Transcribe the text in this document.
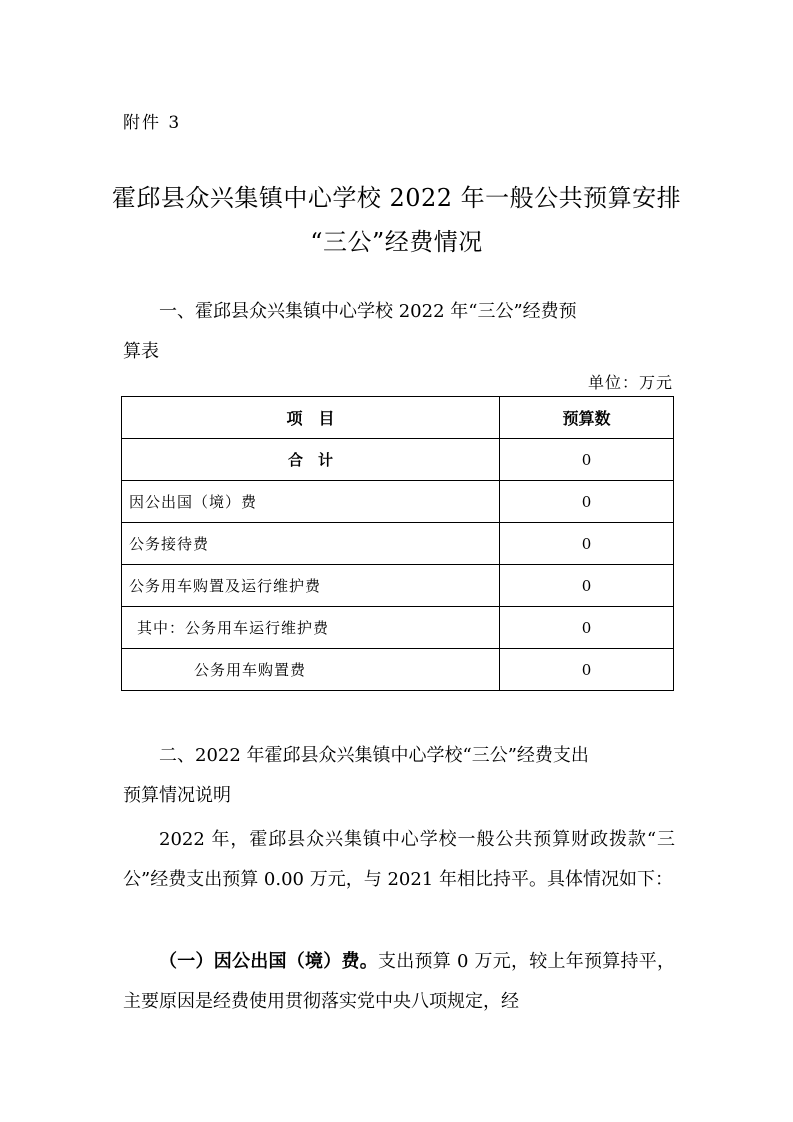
附件 3
霍邱县众兴集镇中心学校 2022 年一般公共预算安排
“三公”经费情况
一、霍邱县众兴集镇中心学校 2022 年“三公”经费预
算表
单位：万元
项　目	预算数
合　计	0
因公出国（境）费	0
公务接待费	0
公务用车购置及运行维护费	0
其中：公务用车运行维护费	0
公务用车购置费	0
二、2022 年霍邱县众兴集镇中心学校“三公”经费支出
预算情况说明

2022 年，霍邱县众兴集镇中心学校一般公共预算财政拨款“三公”经费支出预算 0.00 万元，与 2021 年相比持平。具体情况如下：

（一）因公出国（境）费。支出预算 0 万元，较上年预算持平，主要原因是经费使用贯彻落实党中央八项规定，经
